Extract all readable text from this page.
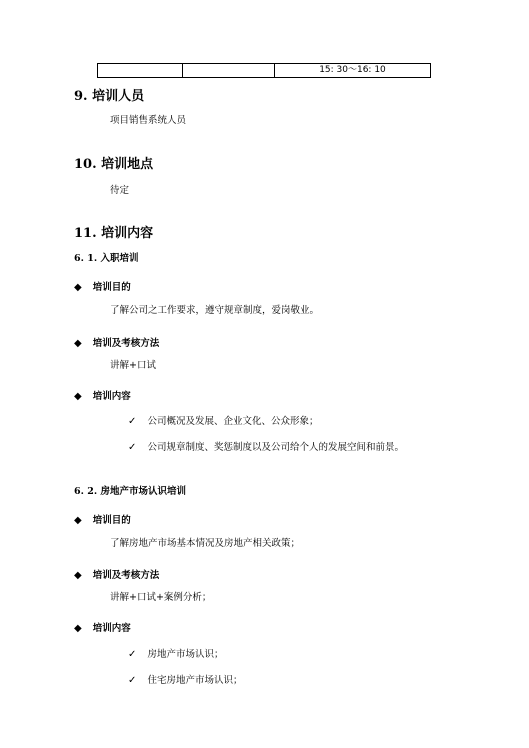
		15: 30～16: 10
9. 培训人员
项目销售系统人员
10. 培训地点
待定
11. 培训内容
6. 1. 入职培训
◆ 培训目的
了解公司之工作要求，遵守规章制度，爱岗敬业。
◆ 培训及考核方法
讲解+口试
◆ 培训内容
✓ 公司概况及发展、企业文化、公众形象；
✓ 公司规章制度、奖惩制度以及公司给个人的发展空间和前景。
6. 2. 房地产市场认识培训
◆ 培训目的
了解房地产市场基本情况及房地产相关政策；
◆ 培训及考核方法
讲解+口试+案例分析；
◆ 培训内容
✓ 房地产市场认识；
✓ 住宅房地产市场认识；
